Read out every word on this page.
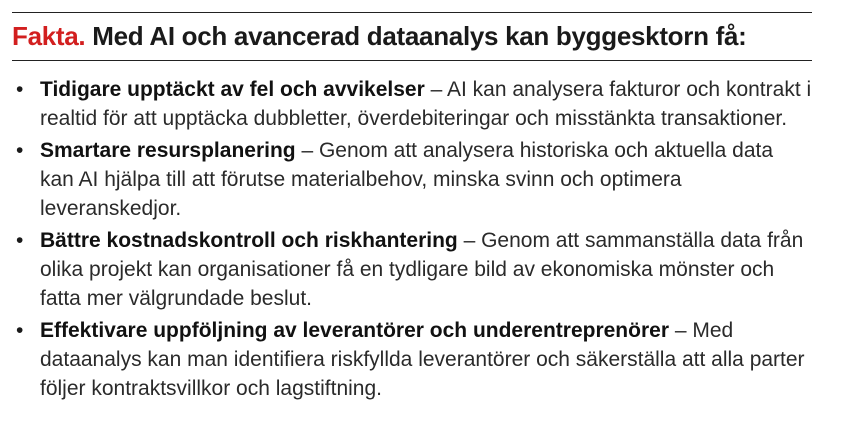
Fakta. Med AI och avancerad dataanalys kan byggesktorn få:
• Tidigare upptäckt av fel och avvikelser – AI kan analysera fakturor och kontrakt i realtid för att upptäcka dubbletter, överdebiteringar och misstänkta transaktioner.
• Smartare resursplanering – Genom att analysera historiska och aktuella data kan AI hjälpa till att förutse materialbehov, minska svinn och optimera leveranskedjor.
• Bättre kostnadskontroll och riskhantering – Genom att sammanställa data från olika projekt kan organisationer få en tydligare bild av ekonomiska mönster och fatta mer välgrundade beslut.
• Effektivare uppföljning av leverantörer och underentreprenörer – Med dataanalys kan man identifiera riskfyllda leverantörer och säkerställa att alla parter följer kontraktsvillkor och lagstiftning.
